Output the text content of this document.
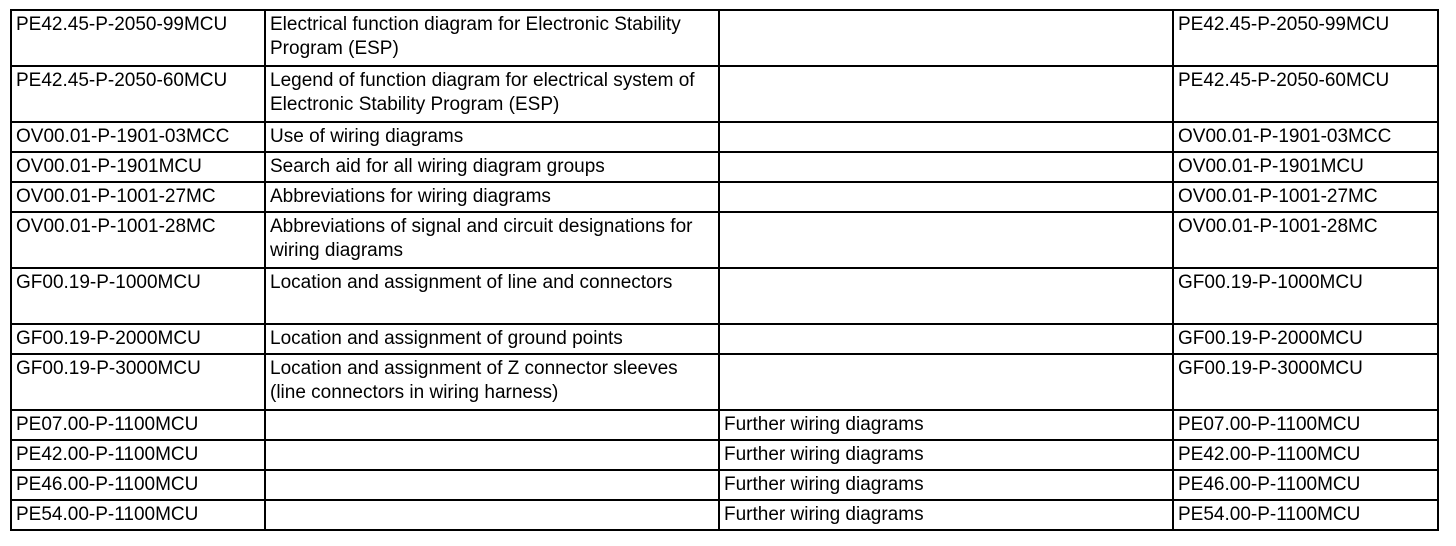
PE42.45-P-2050-99MCU	Electrical function diagram for Electronic Stability Program (ESP)		PE42.45-P-2050-99MCU
PE42.45-P-2050-60MCU	Legend of function diagram for electrical system of Electronic Stability Program (ESP)		PE42.45-P-2050-60MCU
OV00.01-P-1901-03MCC	Use of wiring diagrams		OV00.01-P-1901-03MCC
OV00.01-P-1901MCU	Search aid for all wiring diagram groups		OV00.01-P-1901MCU
OV00.01-P-1001-27MC	Abbreviations for wiring diagrams		OV00.01-P-1001-27MC
OV00.01-P-1001-28MC	Abbreviations of signal and circuit designations for wiring diagrams		OV00.01-P-1001-28MC
GF00.19-P-1000MCU	Location and assignment of line and connectors		GF00.19-P-1000MCU
GF00.19-P-2000MCU	Location and assignment of ground points		GF00.19-P-2000MCU
GF00.19-P-3000MCU	Location and assignment of Z connector sleeves (line connectors in wiring harness)		GF00.19-P-3000MCU
PE07.00-P-1100MCU		Further wiring diagrams	PE07.00-P-1100MCU
PE42.00-P-1100MCU		Further wiring diagrams	PE42.00-P-1100MCU
PE46.00-P-1100MCU		Further wiring diagrams	PE46.00-P-1100MCU
PE54.00-P-1100MCU		Further wiring diagrams	PE54.00-P-1100MCU
